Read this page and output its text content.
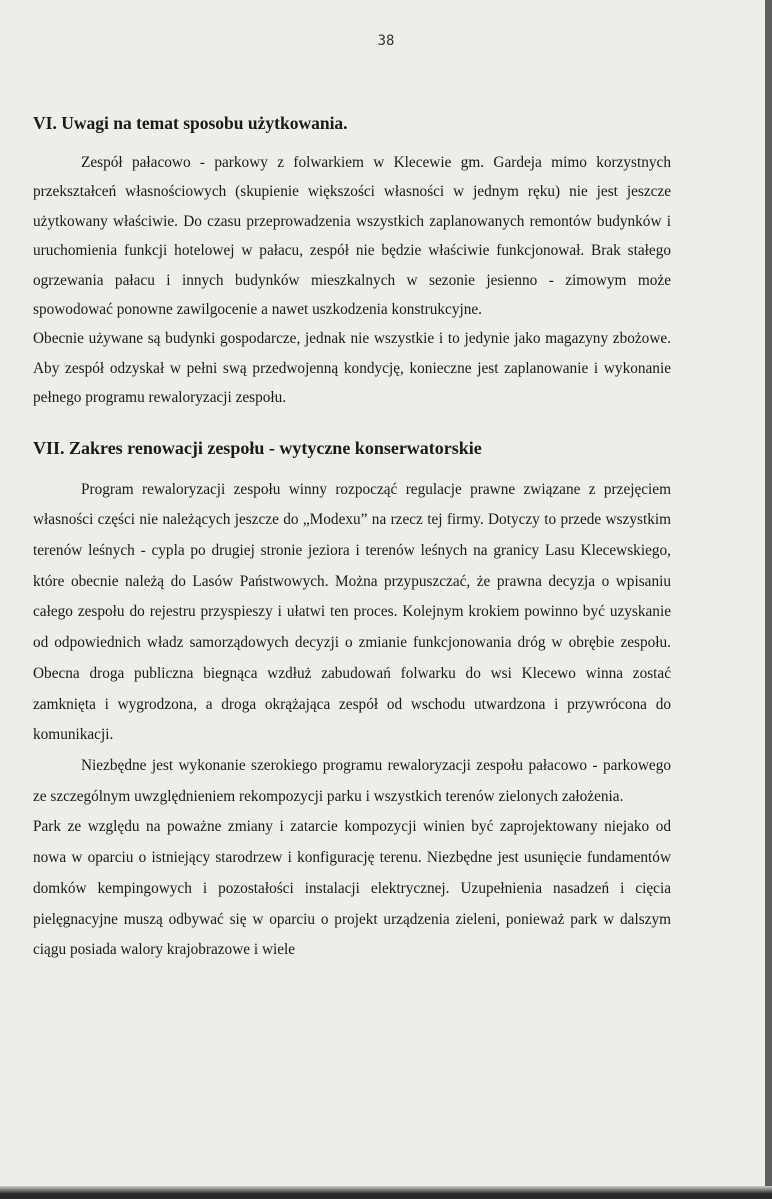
38
VI. Uwagi na temat sposobu użytkowania.

Zespół pałacowo - parkowy z folwarkiem w Klecewie gm. Gardeja mimo korzystnych przekształceń własnościowych (skupienie większości własności w jednym ręku) nie jest jeszcze użytkowany właściwie. Do czasu przeprowadzenia wszystkich zaplanowanych remontów budynków i uruchomienia funkcji hotelowej w pałacu, zespół nie będzie właściwie funkcjonował. Brak stałego ogrzewania pałacu i innych budynków mieszkalnych w sezonie jesienno - zimowym może spowodować ponowne zawilgocenie a nawet uszkodzenia konstrukcyjne.

Obecnie używane są budynki gospodarcze, jednak nie wszystkie i to jedynie jako magazyny zbożowe. Aby zespół odzyskał w pełni swą przedwojenną kondycję, konieczne jest zaplanowanie i wykonanie pełnego programu rewaloryzacji zespołu.

VII. Zakres renowacji zespołu - wytyczne konserwatorskie

Program rewaloryzacji zespołu winny rozpocząć regulacje prawne związane z przejęciem własności części nie należących jeszcze do „Modexu” na rzecz tej firmy. Dotyczy to przede wszystkim terenów leśnych - cypla po drugiej stronie jeziora i terenów leśnych na granicy Lasu Klecewskiego, które obecnie należą do Lasów Państwowych. Można przypuszczać, że prawna decyzja o wpisaniu całego zespołu do rejestru przyspieszy i ułatwi ten proces. Kolejnym krokiem powinno być uzyskanie od odpowiednich władz samorządowych decyzji o zmianie funkcjonowania dróg w obrębie zespołu. Obecna droga publiczna biegnąca wzdłuż zabudowań folwarku do wsi Klecewo winna zostać zamknięta i wygrodzona, a droga okrążająca zespół od wschodu utwardzona i przywrócona do komunikacji.

Niezbędne jest wykonanie szerokiego programu rewaloryzacji zespołu pałacowo - parkowego ze szczególnym uwzględnieniem rekompozycji parku i wszystkich terenów zielonych założenia.

Park ze względu na poważne zmiany i zatarcie kompozycji winien być zaprojektowany niejako od nowa w oparciu o istniejący starodrzew i konfigurację terenu. Niezbędne jest usunięcie fundamentów domków kempingowych i pozostałości instalacji elektrycznej. Uzupełnienia nasadzeń i cięcia pielęgnacyjne muszą odbywać się w oparciu o projekt urządzenia zieleni, ponieważ park w dalszym ciągu posiada walory krajobrazowe i wiele
